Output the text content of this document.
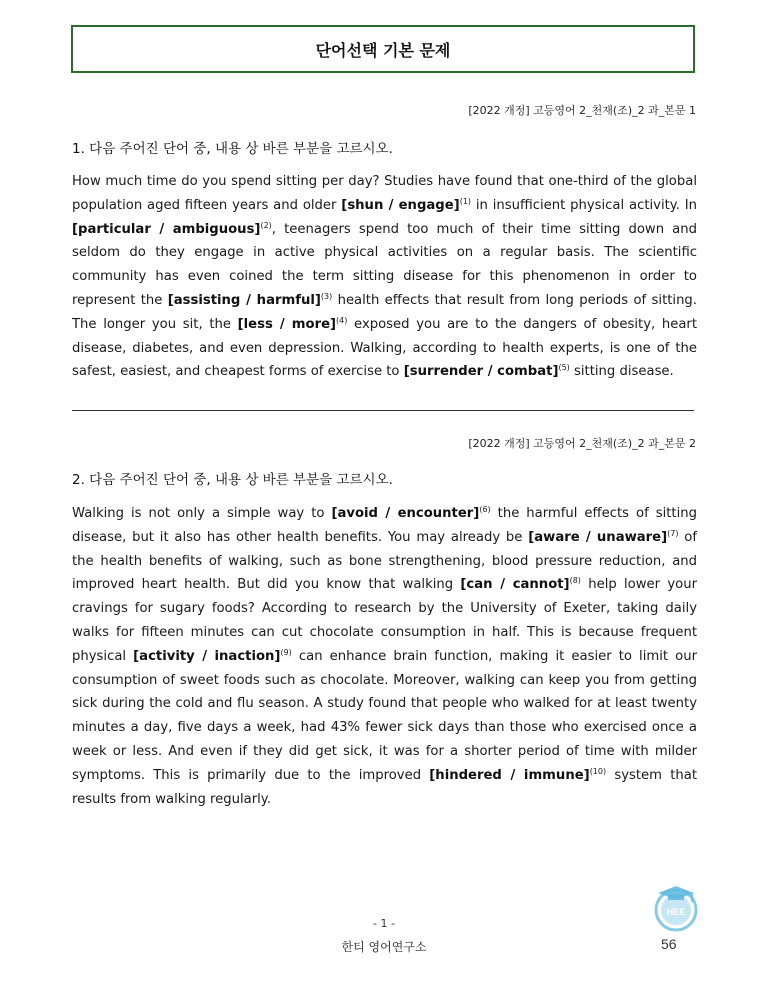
단어선택 기본 문제
[2022 개정] 고등영어 2_천재(조)_2 과_본문 1
1. 다음 주어진 단어 중, 내용 상 바른 부분을 고르시오.
How much time do you spend sitting per day? Studies have found that one-third of the global population aged fifteen years and older [shun / engage]$^{(1)}$ in insufficient physical activity. In [particular / ambiguous]$^{(2)}$, teenagers spend too much of their time sitting down and seldom do they engage in active physical activities on a regular basis. The scientific community has even coined the term sitting disease for this phenomenon in order to represent the [assisting / harmful]$^{(3)}$ health effects that result from long periods of sitting. The longer you sit, the [less / more]$^{(4)}$ exposed you are to the dangers of obesity, heart disease, diabetes, and even depression. Walking, according to health experts, is one of the safest, easiest, and cheapest forms of exercise to [surrender / combat]$^{(5)}$ sitting disease.
[2022 개정] 고등영어 2_천재(조)_2 과_본문 2
2. 다음 주어진 단어 중, 내용 상 바른 부분을 고르시오.
Walking is not only a simple way to [avoid / encounter]$^{(6)}$ the harmful effects of sitting disease, but it also has other health benefits. You may already be [aware / unaware]$^{(7)}$ of the health benefits of walking, such as bone strengthening, blood pressure reduction, and improved heart health. But did you know that walking [can / cannot]$^{(8)}$ help lower your cravings for sugary foods? According to research by the University of Exeter, taking daily walks for fifteen minutes can cut chocolate consumption in half. This is because frequent physical [activity / inaction]$^{(9)}$ can enhance brain function, making it easier to limit our consumption of sweet foods such as chocolate. Moreover, walking can keep you from getting sick during the cold and flu season. A study found that people who walked for at least twenty minutes a day, five days a week, had 43% fewer sick days than those who exercised once a week or less. And even if they did get sick, it was for a shorter period of time with milder symptoms. This is primarily due to the improved [hindered / immune]$^{(10)}$ system that results from walking regularly.
- 1 -
한티 영어연구소
HEE
56
